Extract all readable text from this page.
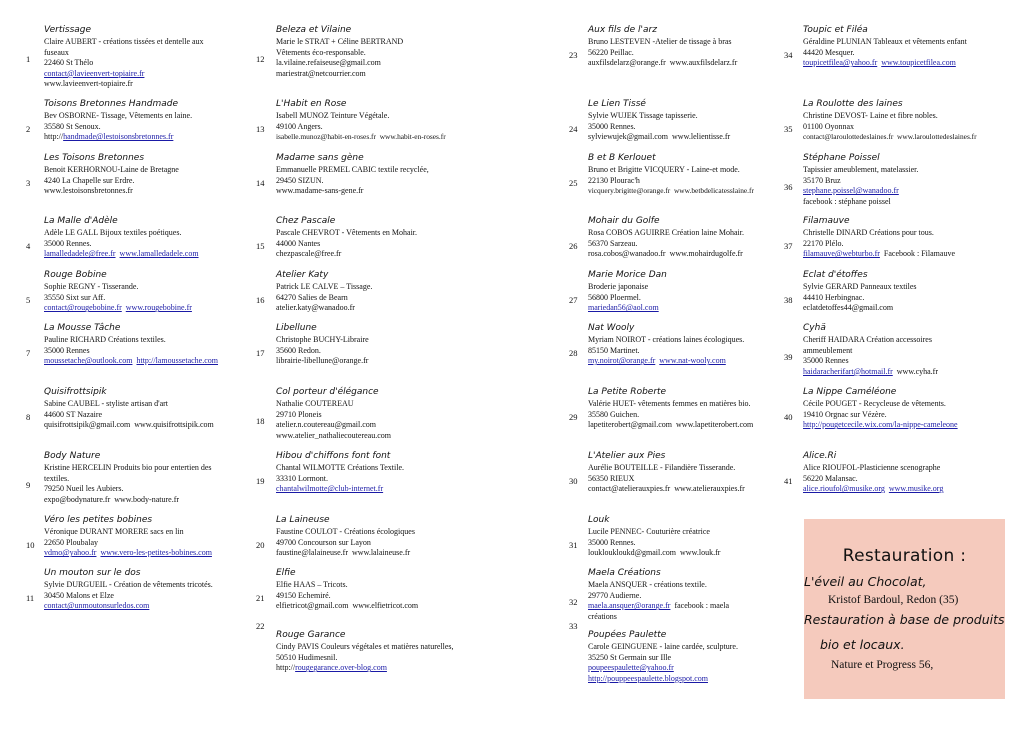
1
Vertissage
Claire AUBERT - créations tissées et dentelle aux
fuseaux
22460 St Thélo
contact@lavieenvert-topiaire.fr
www.lavieenvert-topiaire.fr
2
Toisons Bretonnes Handmade
Bev OSBORNE- Tissage, Vêtements en laine.
35580 St Senoux.
http://handmade@lestoisonsbretonnes.fr
3
Les Toisons Bretonnes
Benoit KERHORNOU-Laine de Bretagne
4240 La Chapelle sur Erdre.
www.lestoisonsbretonnes.fr
4
La Malle d'Adèle
Adèle LE GALL Bijoux textiles poétiques.
35000 Rennes.
lamalledadele@free.fr www.lamalledadele.com
5
Rouge Bobine
Sophie REGNY - Tisserande.
35550 Sixt sur Aff.
contact@rougebobine.fr www.rougebobine.fr
7
La Mousse Tâche
Pauline RICHARD Créations textiles.
35000 Rennes
moussetache@outlook.com http://lamoussetache.com
8
Quisifrottsipik
Sabine CAUBEL - styliste artisan d'art
44600 ST Nazaire
quisifrottsipik@gmail.com www.quisifrottsipik.com
9
Body Nature
Kristine HERCELIN Produits bio pour entertien des
textiles.
79250 Nueil les Aubiers.
expo@bodynature.fr www.body-nature.fr
10
Véro les petites bobines
Véronique DURANT MORERE sacs en lin
22650 Ploubalay
vdmo@yahoo.fr www.vero-les-petites-bobines.com
11
Un mouton sur le dos
Sylvie DURGUEIL - Création de vêtements tricotés.
30450 Malons et Elze
contact@unmoutonsurledos.com
12
Beleza et Vilaine
Marie le STRAT + Céline BERTRAND
Vêtements éco-responsable.
la.vilaine.refaiseuse@gmail.com
mariestrat@netcourrier.com
13
L'Habit en Rose
Isabell MUNOZ Teinture Végétale.
49100 Angers.
isabelle.munoz@habit-en-roses.fr www.habit-en-roses.fr
14
Madame sans gène
Emmanuelle PREMEL CABIC textile recyclée,
29450 SIZUN.
www.madame-sans-gene.fr
15
Chez Pascale
Pascale CHEVROT - Vêtements en Mohair.
44000 Nantes
chezpascale@free.fr
16
Atelier Katy
Patrick LE CALVE – Tissage.
64270 Salies de Bearn
atelier.katy@wanadoo.fr
17
Libellune
Christophe BUCHY-Libraire
35600 Redon.
librairie-libellune@orange.fr
18
Col porteur d'élégance
Nathalie COUTEREAU
29710 Ploneis
atelier.n.coutereau@gmail.com
www.atelier_nathaliecoutereau.com
19
Hibou d'chiffons font font
Chantal WILMOTTE Créations Textile.
33310 Lormont.
chantalwilmotte@club-internet.fr
20
La Laineuse
Faustine COULOT - Créations écologiques
49700 Concourson sur Layon
faustine@lalaineuse.fr www.lalaineuse.fr
21
Elfie
Elfie HAAS – Tricots.
49150 Echemiré.
elfietricot@gmail.com www.elfietricot.com
22
Rouge Garance
Cindy PAVIS Couleurs végétales et matières naturelles,
50510 Hudimesnil.
http://rougegarance.over-blog.com
23
Aux fils de l'arz
Bruno LESTEVEN -Atelier de tissage à bras
56220 Peillac.
auxfilsdelarz@orange.fr www.auxfilsdelarz.fr
24
Le Lien Tissé
Sylvie WUJEK Tissage tapisserie.
35000 Rennes.
sylviewujek@gmail.com www.lelientisse.fr
25
B et B Kerlouet
Bruno et Brigitte VICQUERY - Laine-et mode.
22130 Plourac'h
vicquery.brigitte@orange.fr www.betbdelicatesslaine.fr
26
Mohair du Golfe
Rosa COBOS AGUIRRE Création laine Mohair.
56370 Sarzeau.
rosa.cobos@wanadoo.fr www.mohairdugolfe.fr
27
Marie Morice Dan
Broderie japonaise
56800 Ploermel.
mariedan56@aol.com
28
Nat Wooly
Myriam NOIROT - créations laines écologiques.
85150 Martinet.
my.noirot@orange.fr www.nat-wooly.com
29
La Petite Roberte
Valérie HUET- vêtements femmes en matières bio.
35580 Guichen.
lapetiterobert@gmail.com www.lapetiterobert.com
30
L'Atelier aux Pies
Aurélie BOUTEILLE - Filandière Tisserande.
56350 RIEUX
contact@atelierauxpies.fr www.atelierauxpies.fr
31
Louk
Lucile PENNEC- Couturière créatrice
35000 Rennes.
loukloukloukd@gmail.com www.louk.fr
32
Maela Créations
Maela ANSQUER - créations textile.
29770 Audierne.
maela.ansquer@orange.fr facebook : maela
créations
33
Poupées Paulette
Carole GEINGUENE - laine cardée, sculpture.
35250 St Germain sur Ille
poupeespaulette@yahoo.fr
http://pouppeespaulette.blogspot.com
34
Toupic et Filéa
Géraldine PLUNIAN Tableaux et vêtements enfant
44420 Mesquer.
toupicetfilea@yahoo.fr www.toupicetfilea.com
35
La Roulotte des laines
Christine DEVOST- Laine et fibre nobles.
01100 Oyonnax
contact@laroulottedeslaines.fr www.laroulottedeslaines.fr
36
Stéphane Poissel
Tapissier ameublement, matelassier.
35170 Bruz
stephane.poissel@wanadoo.fr
facebook : stéphane poissel
37
Filamauve
Christelle DINARD Créations pour tous.
22170 Plélo.
filamauve@webturbo.fr Facebook : Filamauve
38
Eclat d'étoffes
Sylvie GERARD Panneaux textiles
44410 Herbingnac.
eclatdetoffes44@gmail.com
39
Cyhä
Cheriff HAIDARA Création accessoires
ammeublement
35000 Rennes
haidaracherifart@hotmail.fr www.cyha.fr
40
La Nippe Caméléone
Cécile POUGET - Recycleuse de vêtements.
19410 Orgnac sur Vézère.
http://pougetcecile.wix.com/la-nippe-cameleone
41
Alice.Ri
Alice RIOUFOL-Plasticienne scenographe
56220 Malansac.
alice.rioufol@musike.org www.musike.org
Restauration :
L'éveil au Chocolat,
Kristof Bardoul, Redon (35)
Restauration à base de produits
bio et locaux.
Nature et Progress 56,
